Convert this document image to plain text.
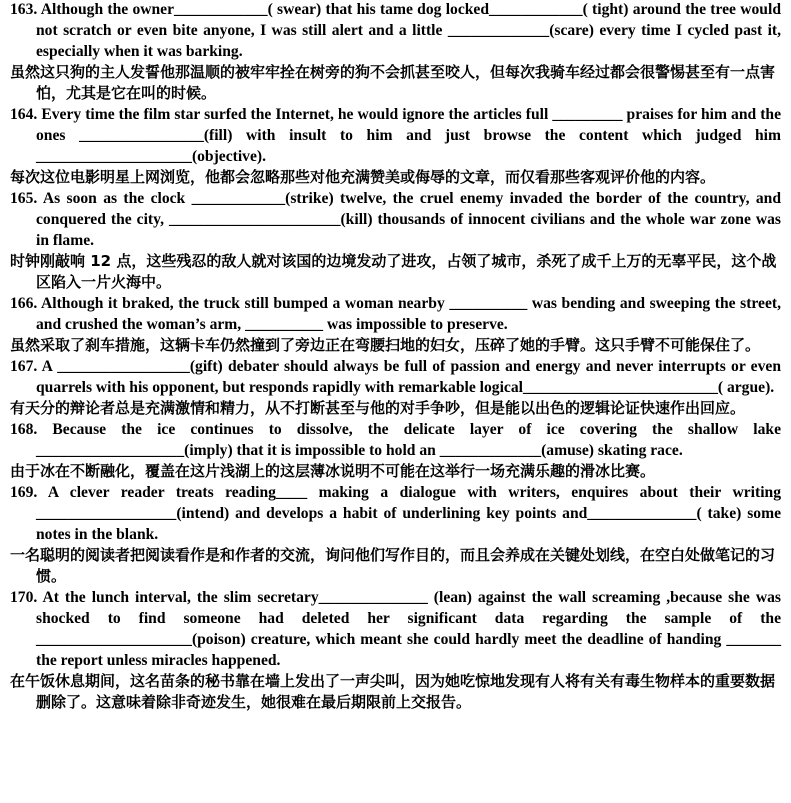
163. Although the owner____________( swear) that his tame dog locked____________( tight) around the tree would not scratch or even bite anyone, I was still alert and a little _____________(scare) every time I cycled past it, especially when it was barking.

虽然这只狗的主人发誓他那温顺的被牢牢拴在树旁的狗不会抓甚至咬人，但每次我骑车经过都会很警惕甚至有一点害怕，尤其是它在叫的时候。

164. Every time the film star surfed the Internet, he would ignore the articles full _________ praises for him and the ones ________________(fill) with insult to him and just browse the content which judged him ____________________(objective).

每次这位电影明星上网浏览，他都会忽略那些对他充满赞美或侮辱的文章，而仅看那些客观评价他的内容。

165. As soon as the clock ____________(strike) twelve, the cruel enemy invaded the border of the country, and conquered the city, ______________________(kill) thousands of innocent civilians and the whole war zone was in flame.

时钟刚敲响 12 点，这些残忍的敌人就对该国的边境发动了进攻，占领了城市，杀死了成千上万的无辜平民，这个战区陷入一片火海中。

166. Although it braked, the truck still bumped a woman nearby __________ was bending and sweeping the street, and crushed the woman’s arm, __________ was impossible to preserve.

虽然采取了刹车措施，这辆卡车仍然撞到了旁边正在弯腰扫地的妇女，压碎了她的手臂。这只手臂不可能保住了。

167. A _________________(gift) debater should always be full of passion and energy and never interrupts or even quarrels with his opponent, but responds rapidly with remarkable logical_________________________( argue).

有天分的辩论者总是充满激情和精力，从不打断甚至与他的对手争吵，但是能以出色的逻辑论证快速作出回应。

168. Because the ice continues to dissolve, the delicate layer of ice covering the shallow lake ___________________(imply) that it is impossible to hold an _____________(amuse) skating race.

由于冰在不断融化，覆盖在这片浅湖上的这层薄冰说明不可能在这举行一场充满乐趣的滑冰比赛。

169. A clever reader treats reading____ making a dialogue with writers, enquires about their writing __________________(intend) and develops a habit of underlining key points and______________( take) some notes in the blank.

一名聪明的阅读者把阅读看作是和作者的交流，询问他们写作目的，而且会养成在关键处划线，在空白处做笔记的习惯。

170. At the lunch interval, the slim secretary______________ (lean) against the wall screaming ,because she was shocked to find someone had deleted her significant data regarding the sample of the ____________________(poison) creature, which meant she could hardly meet the deadline of handing _______ the report unless miracles happened.

在午饭休息期间，这名苗条的秘书靠在墙上发出了一声尖叫，因为她吃惊地发现有人将有关有毒生物样本的重要数据删除了。这意味着除非奇迹发生，她很难在最后期限前上交报告。
